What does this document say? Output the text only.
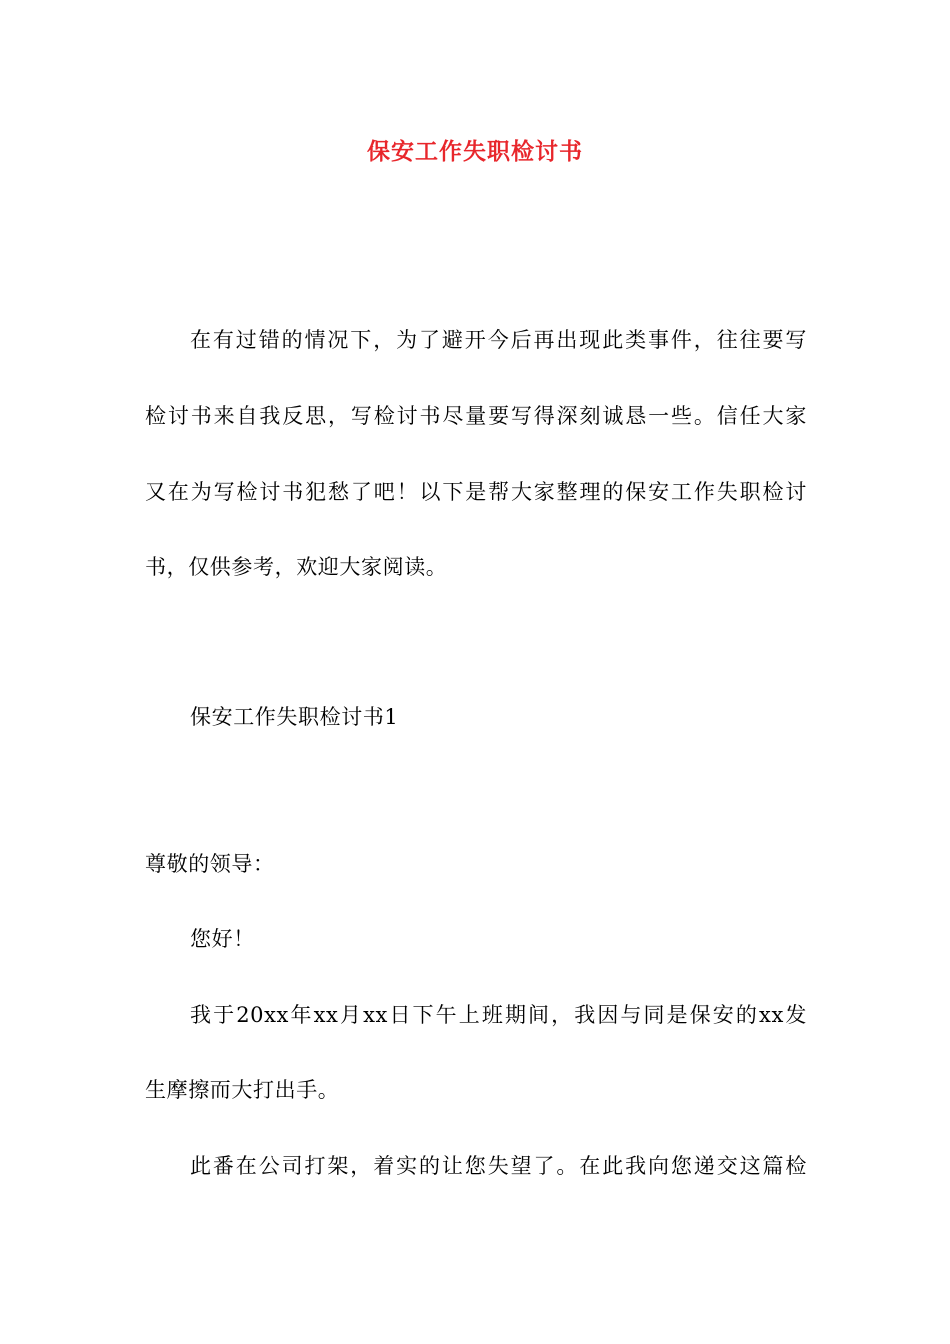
保安工作失职检讨书
在有过错的情况下，为了避开今后再出现此类事件，往往要写
检讨书来自我反思，写检讨书尽量要写得深刻诚恳一些。信任大家
又在为写检讨书犯愁了吧！以下是帮大家整理的保安工作失职检讨
书，仅供参考，欢迎大家阅读。
保安工作失职检讨书1
尊敬的领导：
您好！
我于20xx年xx月xx日下午上班期间，我因与同是保安的xx发
生摩擦而大打出手。
此番在公司打架，着实的让您失望了。在此我向您递交这篇检
